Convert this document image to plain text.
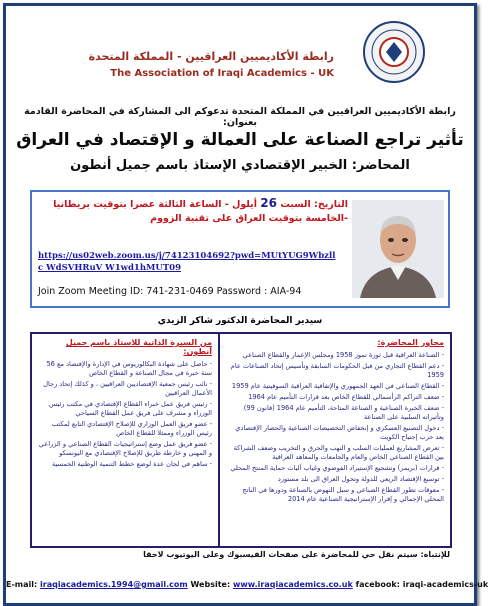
رابطة الأكاديميين العراقيين - المملكة المتحدة
The Association of Iraqi Academics - UK
رابطة الأكاديميين العراقيين في المملكة المتحدة تدعوكم الى المشاركة في المحاضرة القادمة بعنوان:
تأثير تراجع الصناعة على العمالة و الإقتصاد في العراق
المحاضر: الخبير الإقتصادي الإستاذ باسم جميل أنطون
التاريخ: السبت 26 أيلول - الساعة الثالثة عصرا بتوقيت بريطانيا -الخامسة بتوقيت العراق على تقنية الزووم
https://us02web.zoom.us/j/74123104692?pwd=MUtYUG9Wbzllc WdSVHRuV W1wd1hMUT09
Join Zoom Meeting ID: 741-231-0469 Password : AIA-94
سيدير المحاضرة الدكتور شاكر الزيدي
من السيرة الذاتية للاستاذ باسم جميل أنطون:
- حاصل على شهادة البكالوريوس في الإدارة والإقتصاد مع 56 سنة خبرة في مجال الصناعة و القطاع الخاص
- نائب رئيس جمعية الإقتصاديين العراقيين ، و كذلك إتحاد رجال الأعمال العراقيين
- رئيس فريق عمل خبراء القطاع الإقتصادي في مكتب رئيس الوزراء و مشرف على فريق عمل القطاع السياحي
- عضو فريق العمل الوزاري للإصلاح الإقتصادي التابع لمكتب رئيس الوزراء وممثلا للقطاع الخاص
- عضو فريق عمل وضع إستراتيجيات القطاع الصناعي و الزراعي و المهني و خارطة طريق للإصلاح الإقتصادي مع اليونسكو
- ساهم في لجان عدة لوضع خطط التنمية الوطنية الخمسية
محاور المحاضرة:
- الصناعة العراقية قبل ثورة تموز 1958 ومجلس الإعمار والقطاع الصناعي
- دعم القطاع التجاري من قبل الحكومات السابقة وتأسيس إتحاد الصناعات عام 1959
- القطاع الصناعي في العهد الجمهوري والإتفاقية العراقية السوفيتية عام 1959
- ضعف التراكم الرأسمالي للقطاع الخاص بعد قرارات التأميم عام 1964
- ضعف الخبرة الصناعية و الصناعة المتاحة، التأميم عام 1964 (قانون 99) وتأثيراته السلبية على الصناعة
- دخول التصنيع العسكري و إنخفاض التخصيصات الصناعية والحصار الإقتصادي بعد حرب إجتياح الكويت
- تعرض المشاريع لعمليات السلب و النهب والحرق و التخريب وضعف الشراكة بين القطاع الصناعي الخاص والعام والجامعات والمعاهد العراقية
- قرارات (بريمر) وتشجيع الإستيراد الفوضوي وغياب آليات حماية المنتج المحلي
- توسيع الإقتصاد الريعي للدولة وتحول العراق الى بلد مستورد
- معوقات تطور القطاع الصناعي و سبل النهوض بالصناعة ودورها في الناتج المحلي الإجمالي و إقرار الإستراتيجية الصناعية عام 2014
للإنتباه: سيتم نقل حي للمحاضرة على صفحات الفيسبوك وعلى اليوتيوب لاحقا
E-mail: iraqiacademics.1994@gmail.com Website: www.iraqiacademics.co.uk facebook: iraqi-academics-uk
